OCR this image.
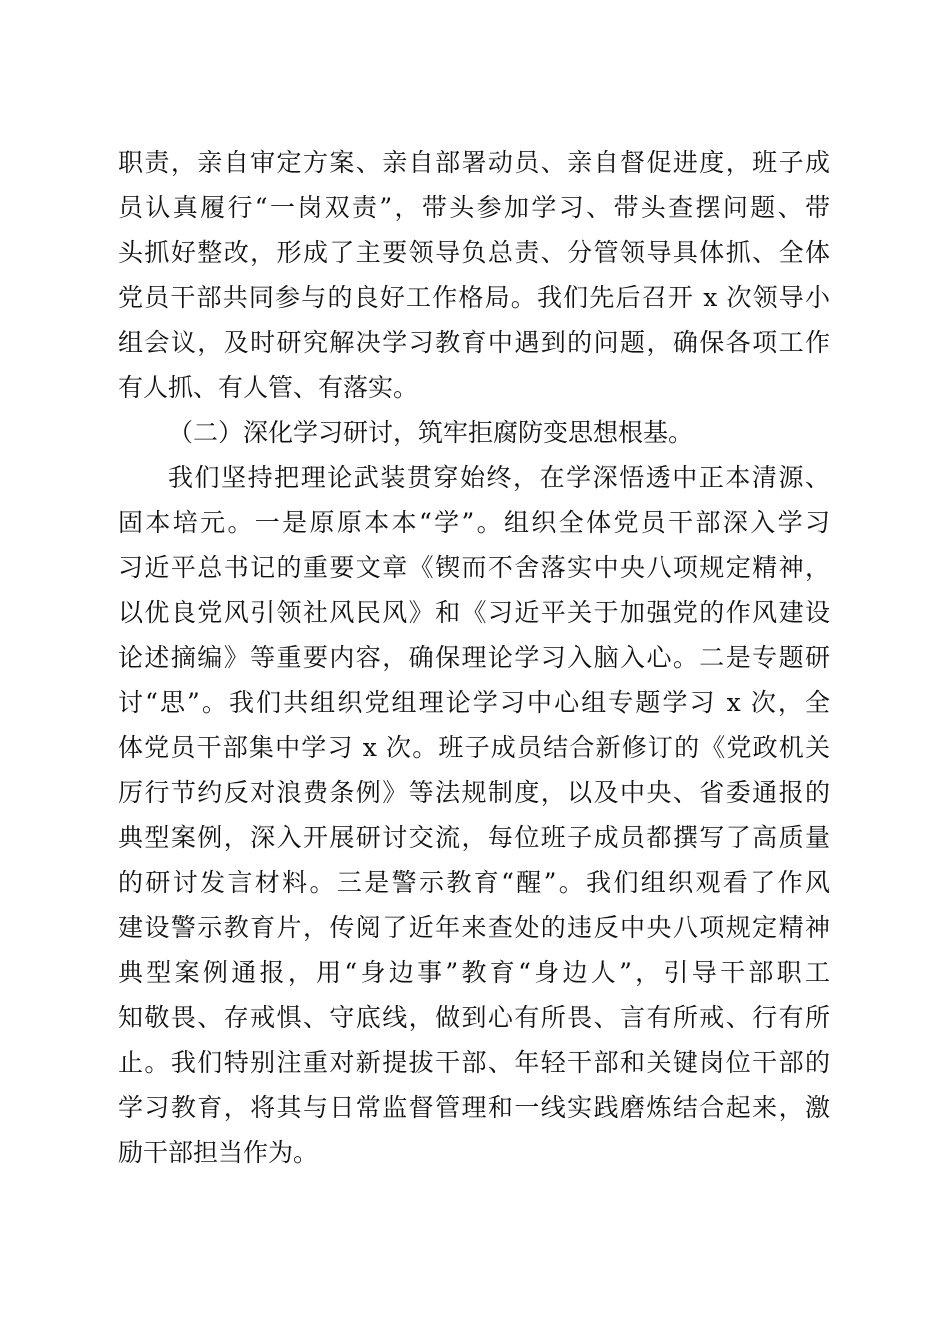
职责，亲自审定方案、亲自部署动员、亲自督促进度，班子成
员认真履行“一岗双责”，带头参加学习、带头查摆问题、带
头抓好整改，形成了主要领导负总责、分管领导具体抓、全体
党员干部共同参与的良好工作格局。我们先后召开 x 次领导小
组会议，及时研究解决学习教育中遇到的问题，确保各项工作
有人抓、有人管、有落实。
（二）深化学习研讨，筑牢拒腐防变思想根基。
我们坚持把理论武装贯穿始终，在学深悟透中正本清源、
固本培元。一是原原本本“学”。组织全体党员干部深入学习
习近平总书记的重要文章《锲而不舍落实中央八项规定精神，
以优良党风引领社风民风》和《习近平关于加强党的作风建设
论述摘编》等重要内容，确保理论学习入脑入心。二是专题研
讨“思”。我们共组织党组理论学习中心组专题学习 x 次，全
体党员干部集中学习 x 次。班子成员结合新修订的《党政机关
厉行节约反对浪费条例》等法规制度，以及中央、省委通报的
典型案例，深入开展研讨交流，每位班子成员都撰写了高质量
的研讨发言材料。三是警示教育“醒”。我们组织观看了作风
建设警示教育片，传阅了近年来查处的违反中央八项规定精神
典型案例通报，用“身边事”教育“身边人”，引导干部职工
知敬畏、存戒惧、守底线，做到心有所畏、言有所戒、行有所
止。我们特别注重对新提拔干部、年轻干部和关键岗位干部的
学习教育，将其与日常监督管理和一线实践磨炼结合起来，激
励干部担当作为。
